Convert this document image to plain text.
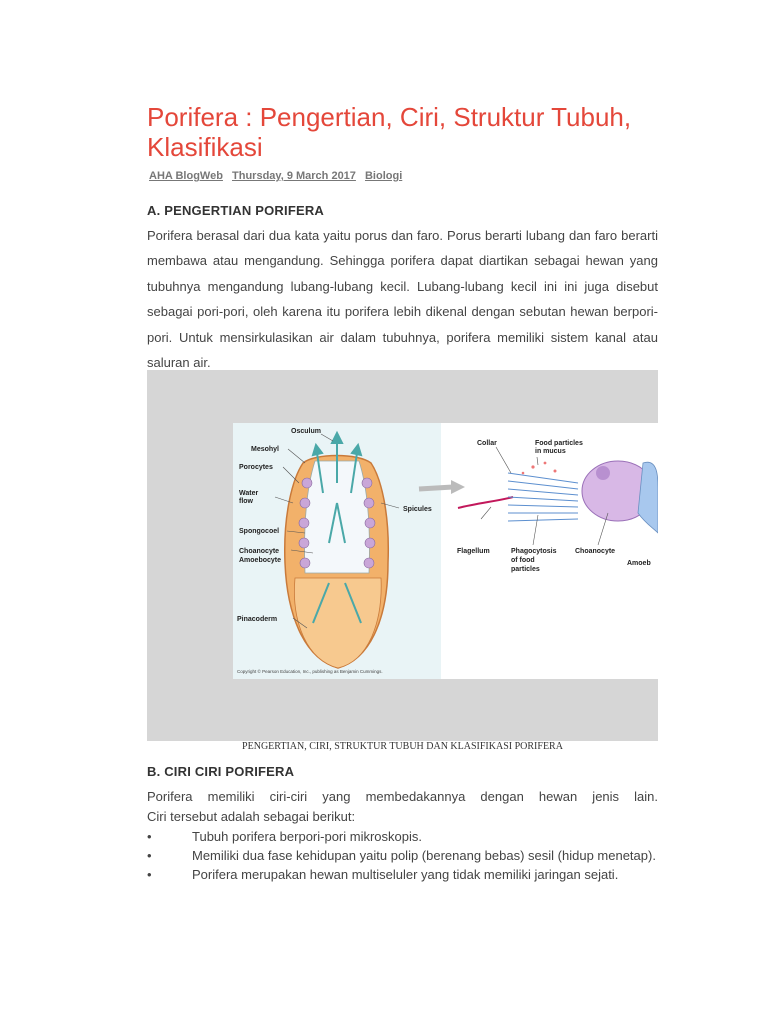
Porifera : Pengertian, Ciri, Struktur Tubuh, Klasifikasi
AHA BlogWeb Thursday, 9 March 2017 Biologi
A. PENGERTIAN PORIFERA

Porifera berasal dari dua kata yaitu porus dan faro. Porus berarti lubang dan faro berarti membawa atau mengandung. Sehingga porifera dapat diartikan sebagai hewan yang tubuhnya mengandung lubang-lubang kecil. Lubang-lubang kecil ini ini juga disebut sebagai pori-pori, oleh karena itu porifera lebih dikenal dengan sebutan hewan berpori-pori. Untuk mensirkulasikan air dalam tubuhnya, porifera memiliki sistem kanal atau saluran air.

Osculum
Mesohyl
Porocytes
Water
flow
Spongocoel
Choanocyte
Amoebocyte
Spicules
Pinacoderm
Copyright © Pearson Education, Inc., publishing as Benjamin Cummings.
Collar	Food particles
in mucus
Flagellum	Phagocytosis
of food
particles
Choanocyte
Amoeb
PENGERTIAN, CIRI, STRUKTUR TUBUH DAN KLASIFIKASI PORIFERA
B. CIRI CIRI PORIFERA

Porifera memiliki ciri-ciri yang membedakannya dengan hewan jenis lain.

Ciri tersebut adalah sebagai berikut:

•	Tubuh porifera berpori-pori mikroskopis.
•	Memiliki dua fase kehidupan yaitu polip (berenang bebas) sesil (hidup menetap).
•	Porifera merupakan hewan multiseluler yang tidak memiliki jaringan sejati.
